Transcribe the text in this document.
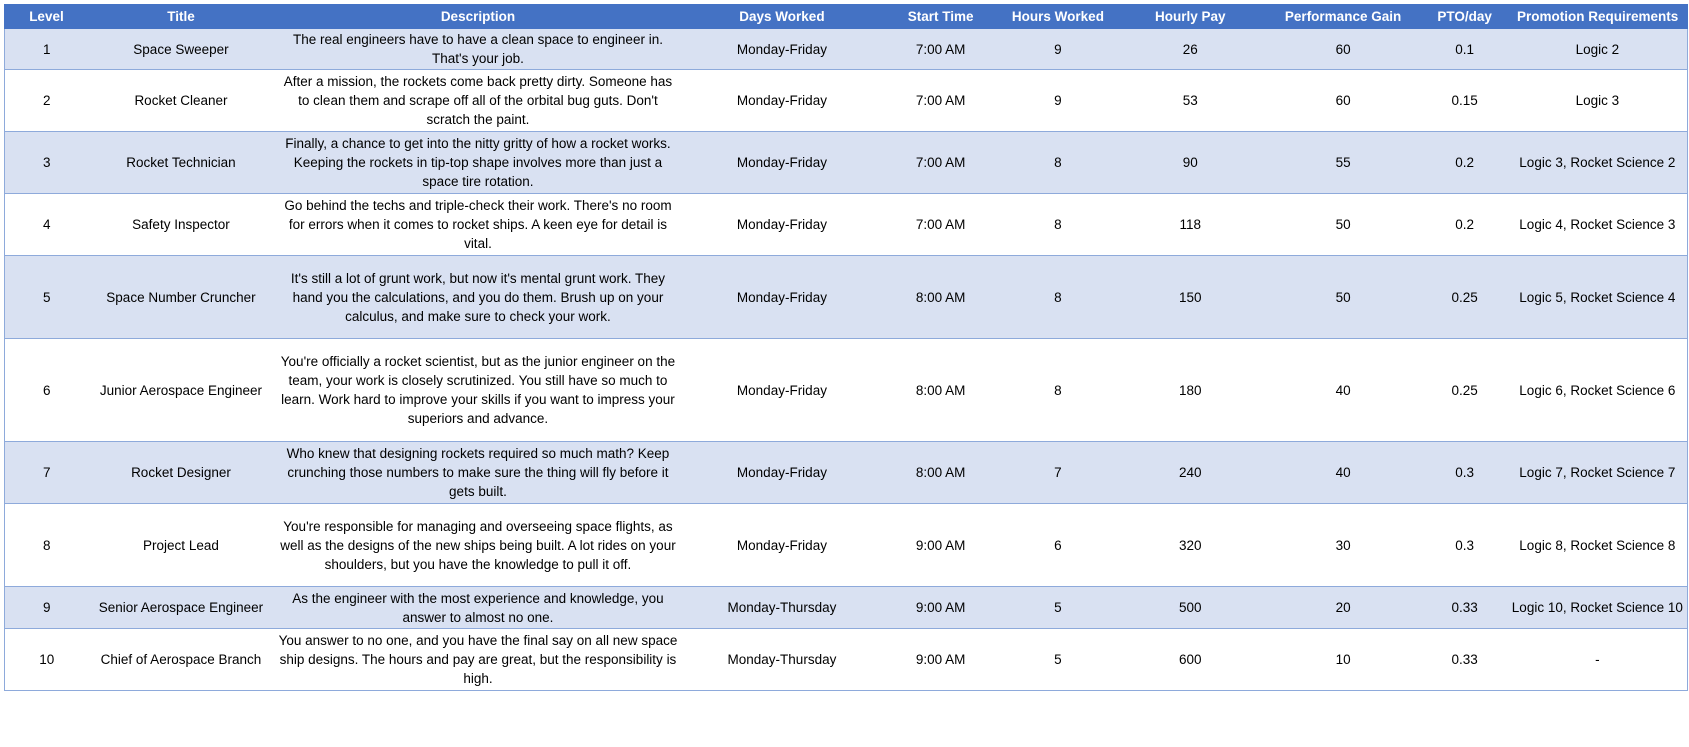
Level	Title	Description	Days Worked	Start Time	Hours Worked	Hourly Pay	Performance Gain	PTO/day	Promotion Requirements
1	Space Sweeper	The real engineers have to have a clean space to engineer in. That's your job.	Monday-Friday	7:00 AM	9	26	60	0.1	Logic 2
2	Rocket Cleaner	After a mission, the rockets come back pretty dirty. Someone has to clean them and scrape off all of the orbital bug guts. Don't scratch the paint.	Monday-Friday	7:00 AM	9	53	60	0.15	Logic 3
3	Rocket Technician	Finally, a chance to get into the nitty gritty of how a rocket works. Keeping the rockets in tip-top shape involves more than just a space tire rotation.	Monday-Friday	7:00 AM	8	90	55	0.2	Logic 3, Rocket Science 2
4	Safety Inspector	Go behind the techs and triple-check their work. There's no room for errors when it comes to rocket ships. A keen eye for detail is vital.	Monday-Friday	7:00 AM	8	118	50	0.2	Logic 4, Rocket Science 3
5	Space Number Cruncher	It's still a lot of grunt work, but now it's mental grunt work. They hand you the calculations, and you do them. Brush up on your calculus, and make sure to check your work.	Monday-Friday	8:00 AM	8	150	50	0.25	Logic 5, Rocket Science 4
6	Junior Aerospace Engineer	You're officially a rocket scientist, but as the junior engineer on the team, your work is closely scrutinized. You still have so much to learn. Work hard to improve your skills if you want to impress your superiors and advance.	Monday-Friday	8:00 AM	8	180	40	0.25	Logic 6, Rocket Science 6
7	Rocket Designer	Who knew that designing rockets required so much math? Keep crunching those numbers to make sure the thing will fly before it gets built.	Monday-Friday	8:00 AM	7	240	40	0.3	Logic 7, Rocket Science 7
8	Project Lead	You're responsible for managing and overseeing space flights, as well as the designs of the new ships being built. A lot rides on your shoulders, but you have the knowledge to pull it off.	Monday-Friday	9:00 AM	6	320	30	0.3	Logic 8, Rocket Science 8
9	Senior Aerospace Engineer	As the engineer with the most experience and knowledge, you answer to almost no one.	Monday-Thursday	9:00 AM	5	500	20	0.33	Logic 10, Rocket Science 10
10	Chief of Aerospace Branch	You answer to no one, and you have the final say on all new space ship designs. The hours and pay are great, but the responsibility is high.	Monday-Thursday	9:00 AM	5	600	10	0.33	-
